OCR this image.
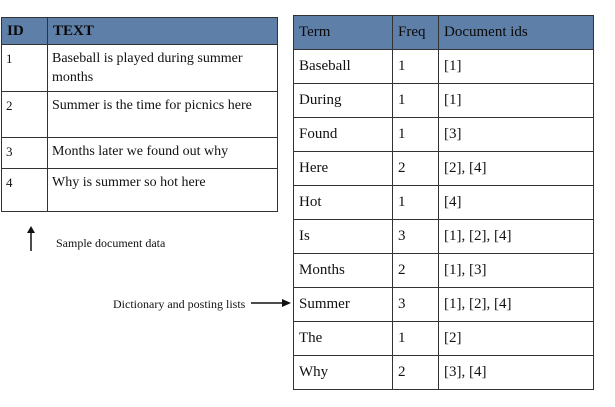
ID	TEXT
1	Baseball is played during summer months
2	Summer is the time for picnics here
3	Months later we found out why
4	Why is summer so hot here
Sample document data
Dictionary and posting lists
Term	Freq	Document ids
Baseball	1	[1]
During	1	[1]
Found	1	[3]
Here	2	[2], [4]
Hot	1	[4]
Is	3	[1], [2], [4]
Months	2	[1], [3]
Summer	3	[1], [2], [4]
The	1	[2]
Why	2	[3], [4]
